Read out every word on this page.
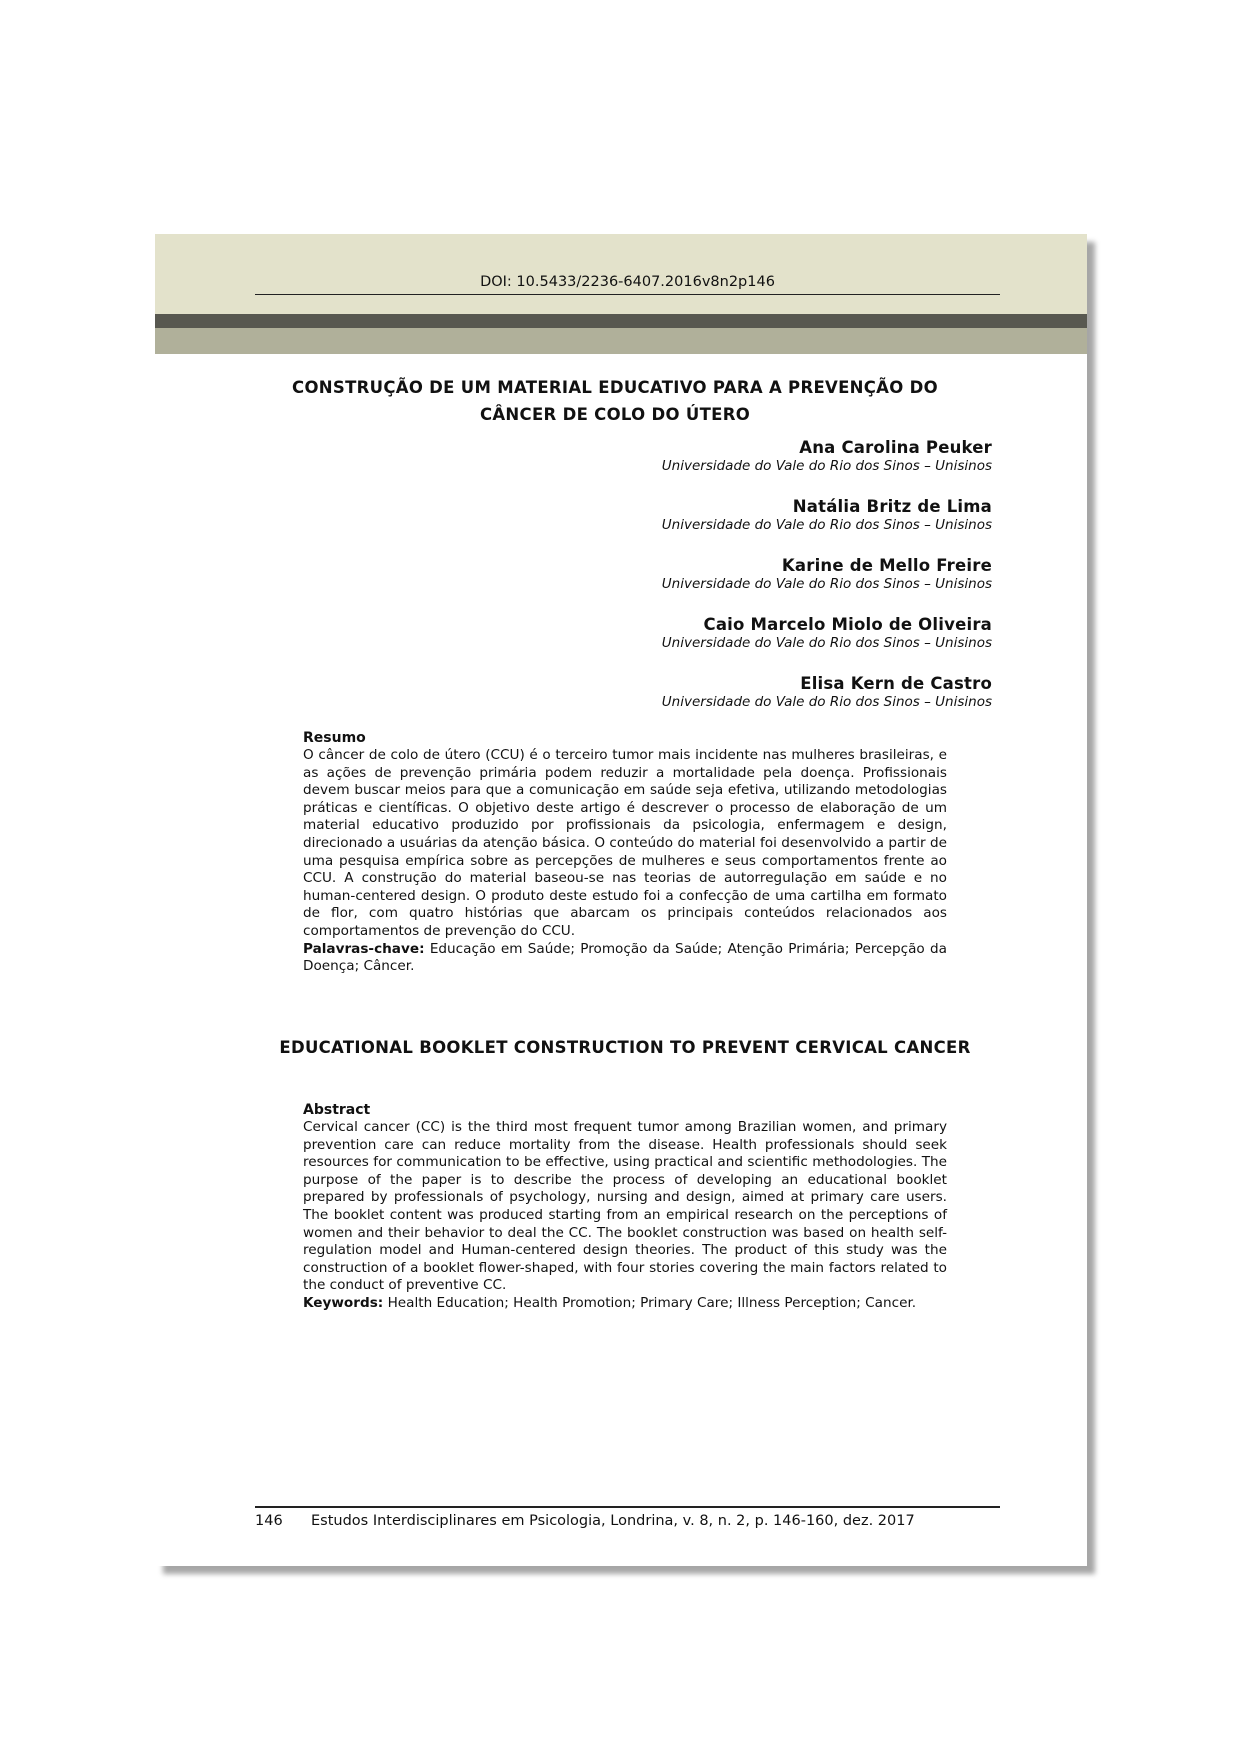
DOI: 10.5433/2236-6407.2016v8n2p146
CONSTRUÇÃO DE UM MATERIAL EDUCATIVO PARA A PREVENÇÃO DO CÂNCER DE COLO DO ÚTERO
Ana Carolina Peuker
Universidade do Vale do Rio dos Sinos – Unisinos
Natália Britz de Lima
Universidade do Vale do Rio dos Sinos – Unisinos
Karine de Mello Freire
Universidade do Vale do Rio dos Sinos – Unisinos
Caio Marcelo Miolo de Oliveira
Universidade do Vale do Rio dos Sinos – Unisinos
Elisa Kern de Castro
Universidade do Vale do Rio dos Sinos – Unisinos
Resumo
O câncer de colo de útero (CCU) é o terceiro tumor mais incidente nas mulheres brasileiras, e as ações de prevenção primária podem reduzir a mortalidade pela doença. Profissionais devem buscar meios para que a comunicação em saúde seja efetiva, utilizando metodologias práticas e científicas. O objetivo deste artigo é descrever o processo de elaboração de um material educativo produzido por profissionais da psicologia, enfermagem e design, direcionado a usuárias da atenção básica. O conteúdo do material foi desenvolvido a partir de uma pesquisa empírica sobre as percepções de mulheres e seus comportamentos frente ao CCU. A construção do material baseou-se nas teorias de autorregulação em saúde e no human-centered design. O produto deste estudo foi a confecção de uma cartilha em formato de flor, com quatro histórias que abarcam os principais conteúdos relacionados aos comportamentos de prevenção do CCU.
Palavras-chave: Educação em Saúde; Promoção da Saúde; Atenção Primária; Percepção da Doença; Câncer.
EDUCATIONAL BOOKLET CONSTRUCTION TO PREVENT CERVICAL CANCER
Abstract
Cervical cancer (CC) is the third most frequent tumor among Brazilian women, and primary prevention care can reduce mortality from the disease. Health professionals should seek resources for communication to be effective, using practical and scientific methodologies. The purpose of the paper is to describe the process of developing an educational booklet prepared by professionals of psychology, nursing and design, aimed at primary care users. The booklet content was produced starting from an empirical research on the perceptions of women and their behavior to deal the CC. The booklet construction was based on health self-regulation model and Human-centered design theories. The product of this study was the construction of a booklet flower-shaped, with four stories covering the main factors related to the conduct of preventive CC.
Keywords: Health Education; Health Promotion; Primary Care; Illness Perception; Cancer.
146 Estudos Interdisciplinares em Psicologia, Londrina, v. 8, n. 2, p. 146-160, dez. 2017
